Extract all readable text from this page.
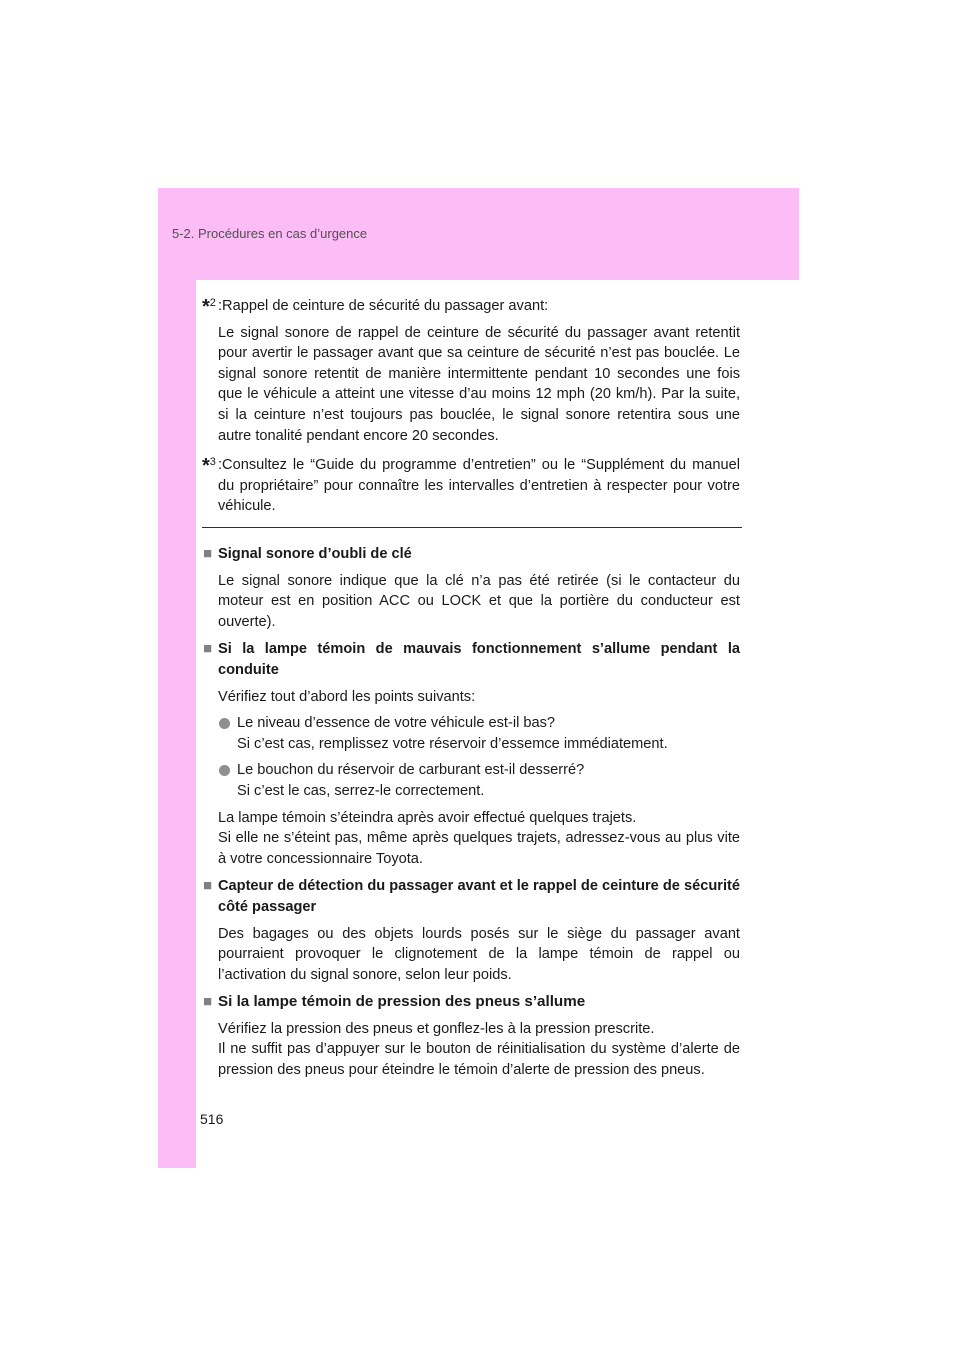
5-2. Procédures en cas d’urgence
*$^2$ :Rappel de ceinture de sécurité du passager avant:
Le signal sonore de rappel de ceinture de sécurité du passager avant retentit pour avertir le passager avant que sa ceinture de sécurité n’est pas bouclée. Le signal sonore retentit de manière intermittente pendant 10 secondes une fois que le véhicule a atteint une vitesse d’au moins 12 mph (20 km/h). Par la suite, si la ceinture n’est toujours pas bouclée, le signal sonore retentira sous une autre tonalité pendant encore 20 secondes.
*$^3$ :Consultez le “Guide du programme d’entretien” ou le “Supplément du manuel du propriétaire” pour connaître les intervalles d’entretien à respecter pour votre véhicule.
■ Signal sonore d’oubli de clé
Le signal sonore indique que la clé n’a pas été retirée (si le contacteur du moteur est en position ACC ou LOCK et que la portière du conducteur est ouverte).
■ Si la lampe témoin de mauvais fonctionnement s’allume pendant la conduite
Vérifiez tout d’abord les points suivants:
Le niveau d’essence de votre véhicule est-il bas?
Si c’est cas, remplissez votre réservoir d’essemce immédiatement.
Le bouchon du réservoir de carburant est-il desserré?
Si c’est le cas, serrez-le correctement.
La lampe témoin s’éteindra après avoir effectué quelques trajets.
Si elle ne s’éteint pas, même après quelques trajets, adressez-vous au plus vite à votre concessionnaire Toyota.
■ Capteur de détection du passager avant et le rappel de ceinture de sécurité côté passager
Des bagages ou des objets lourds posés sur le siège du passager avant pourraient provoquer le clignotement de la lampe témoin de rappel ou l’activation du signal sonore, selon leur poids.
■ Si la lampe témoin de pression des pneus s’allume
Vérifiez la pression des pneus et gonflez-les à la pression prescrite.
Il ne suffit pas d’appuyer sur le bouton de réinitialisation du système d’alerte de pression des pneus pour éteindre le témoin d’alerte de pression des pneus.
516
